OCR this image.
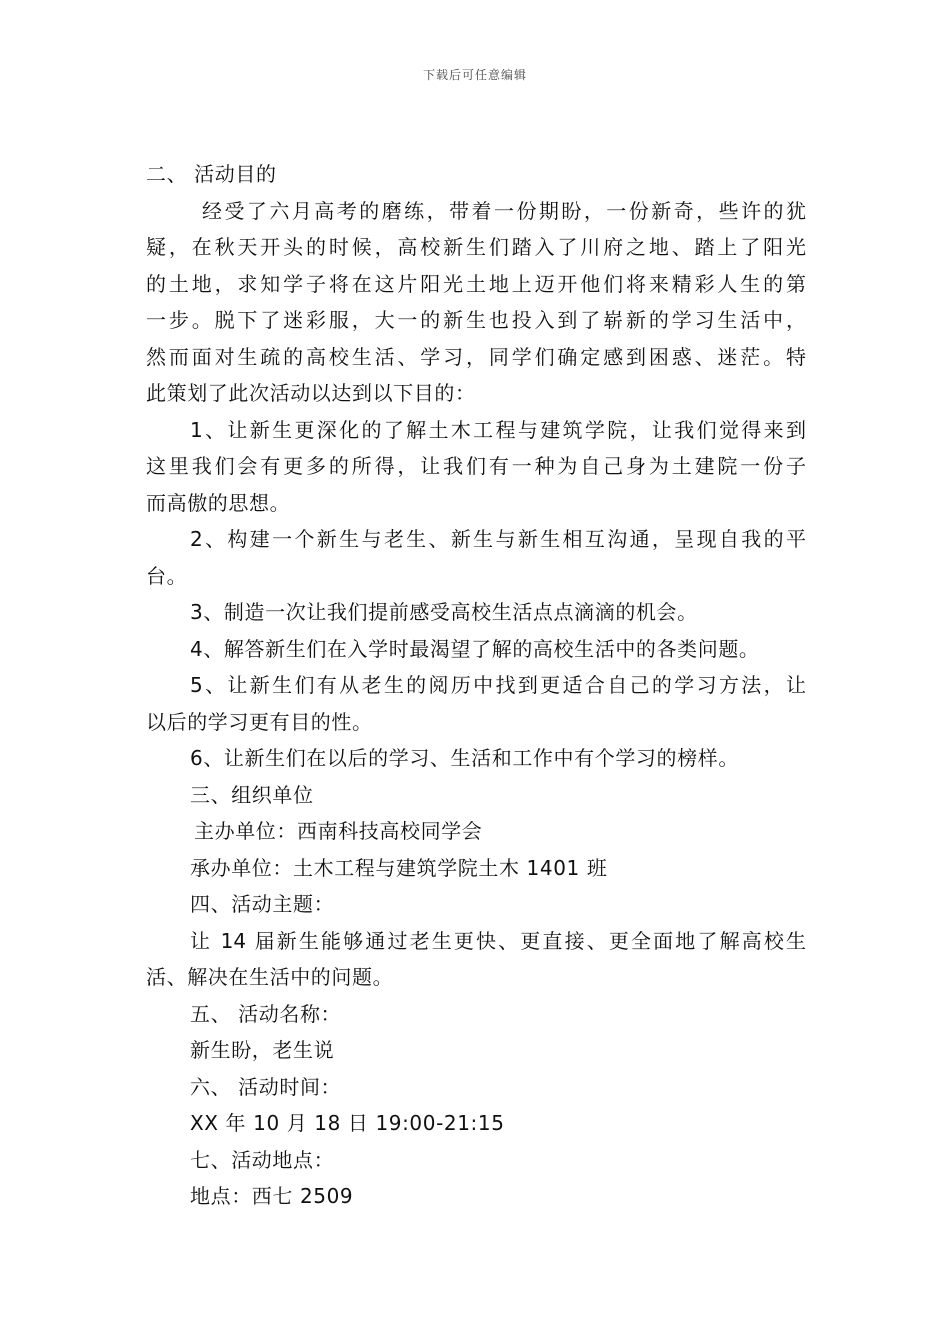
下载后可任意编辑
二、 活动目的
经受了六月高考的磨练，带着一份期盼，一份新奇，些许的犹
疑，在秋天开头的时候，高校新生们踏入了川府之地、踏上了阳光
的土地，求知学子将在这片阳光土地上迈开他们将来精彩人生的第
一步。脱下了迷彩服，大一的新生也投入到了崭新的学习生活中，
然而面对生疏的高校生活、学习，同学们确定感到困惑、迷茫。特
此策划了此次活动以达到以下目的：
1、让新生更深化的了解土木工程与建筑学院，让我们觉得来到
这里我们会有更多的所得，让我们有一种为自己身为土建院一份子
而高傲的思想。
2、构建一个新生与老生、新生与新生相互沟通，呈现自我的平
台。
3、制造一次让我们提前感受高校生活点点滴滴的机会。
4、解答新生们在入学时最渴望了解的高校生活中的各类问题。
5、让新生们有从老生的阅历中找到更适合自己的学习方法，让
以后的学习更有目的性。
6、让新生们在以后的学习、生活和工作中有个学习的榜样。
三、组织单位
主办单位：西南科技高校同学会
承办单位：土木工程与建筑学院土木 1401 班
四、活动主题：
让 14 届新生能够通过老生更快、更直接、更全面地了解高校生
活、解决在生活中的问题。
五、 活动名称：
新生盼，老生说
六、 活动时间：
XX 年 10 月 18 日 19:00-21:15
七、活动地点：
地点：西七 2509
